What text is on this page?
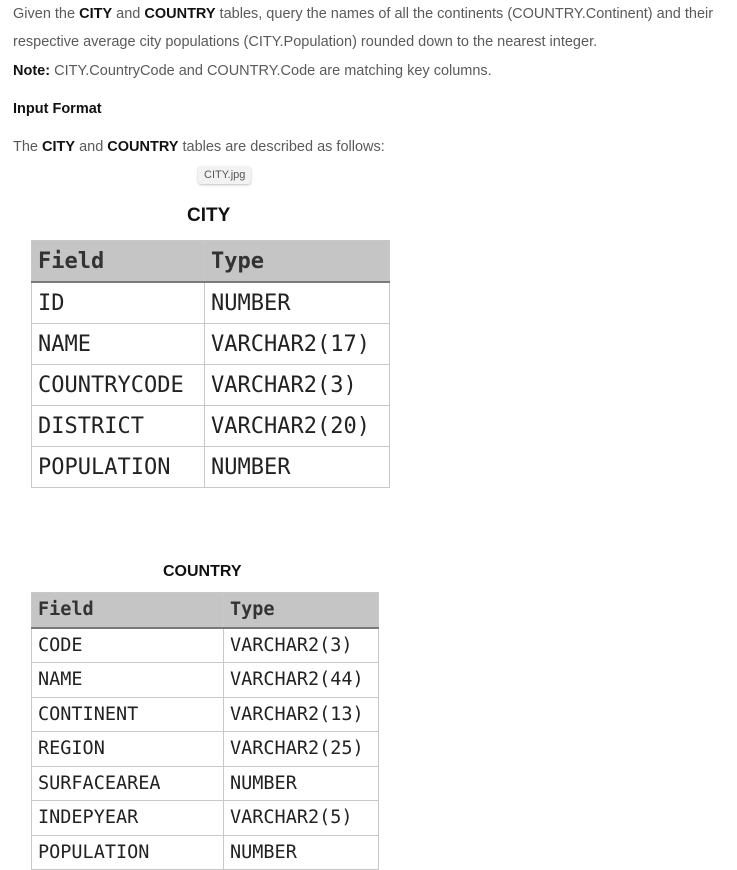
Given the CITY and COUNTRY tables, query the names of all the continents (COUNTRY.Continent) and their respective average city populations (CITY.Population) rounded down to the nearest integer.

Note: CITY.CountryCode and COUNTRY.Code are matching key columns.

Input Format

The CITY and COUNTRY tables are described as follows:

CITY.jpg
CITY
Field	Type
ID	NUMBER
NAME	VARCHAR2(17)
COUNTRYCODE	VARCHAR2(3)
DISTRICT	VARCHAR2(20)
POPULATION	NUMBER
COUNTRY
Field	Type
CODE	VARCHAR2(3)
NAME	VARCHAR2(44)
CONTINENT	VARCHAR2(13)
REGION	VARCHAR2(25)
SURFACEAREA	NUMBER
INDEPYEAR	VARCHAR2(5)
POPULATION	NUMBER
